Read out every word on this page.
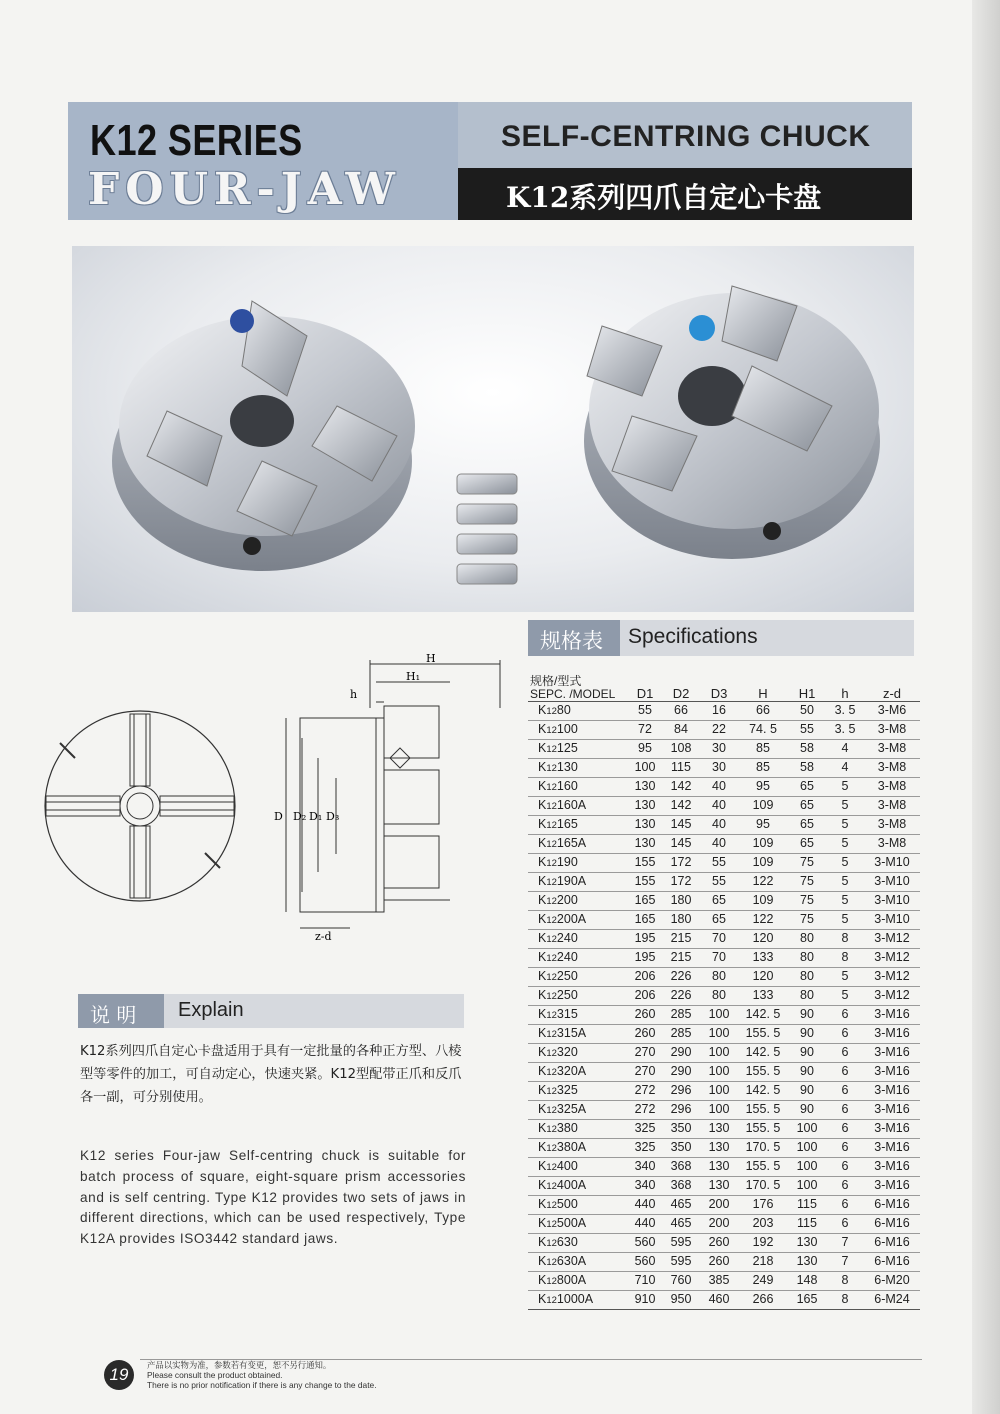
K12 SERIES
FOUR-JAW
SELF-CENTRING CHUCK
K12系列四爪自定心卡盘
H
H₁
h
D D₂ D₁ D₃
z-d
规格表	Specifications
规格/型式
SEPC. /MODEL	D1	D2	D3	H	H1	h	z-d
K1280	55	66	16	66	50	3. 5	3-M6
K12100	72	84	22	74. 5	55	3. 5	3-M8
K12125	95	108	30	85	58	4	3-M8
K12130	100	115	30	85	58	4	3-M8
K12160	130	142	40	95	65	5	3-M8
K12160A	130	142	40	109	65	5	3-M8
K12165	130	145	40	95	65	5	3-M8
K12165A	130	145	40	109	65	5	3-M8
K12190	155	172	55	109	75	5	3-M10
K12190A	155	172	55	122	75	5	3-M10
K12200	165	180	65	109	75	5	3-M10
K12200A	165	180	65	122	75	5	3-M10
K12240	195	215	70	120	80	8	3-M12
K12240	195	215	70	133	80	8	3-M12
K12250	206	226	80	120	80	5	3-M12
K12250	206	226	80	133	80	5	3-M12
K12315	260	285	100	142. 5	90	6	3-M16
K12315A	260	285	100	155. 5	90	6	3-M16
K12320	270	290	100	142. 5	90	6	3-M16
K12320A	270	290	100	155. 5	90	6	3-M16
K12325	272	296	100	142. 5	90	6	3-M16
K12325A	272	296	100	155. 5	90	6	3-M16
K12380	325	350	130	155. 5	100	6	3-M16
K12380A	325	350	130	170. 5	100	6	3-M16
K12400	340	368	130	155. 5	100	6	3-M16
K12400A	340	368	130	170. 5	100	6	3-M16
K12500	440	465	200	176	115	6	6-M16
K12500A	440	465	200	203	115	6	6-M16
K12630	560	595	260	192	130	7	6-M16
K12630A	560	595	260	218	130	7	6-M16
K12800A	710	760	385	249	148	8	6-M20
K121000A	910	950	460	266	165	8	6-M24
说 明	Explain
K12系列四爪自定心卡盘适用于具有一定批量的各种正方型、八棱型等零件的加工，可自动定心，快速夹紧。K12型配带正爪和反爪各一副，可分别使用。
K12 series Four-jaw Self-centring chuck is suitable for batch process of square, eight-square prism accessories and is self centring. Type K12 provides two sets of jaws in different directions, which can be used respectively, Type K12A provides ISO3442 standard jaws.
19	产品以实物为准，参数若有变更，恕不另行通知。
Please consult the product obtained.
There is no prior notification if there is any change to the date.
